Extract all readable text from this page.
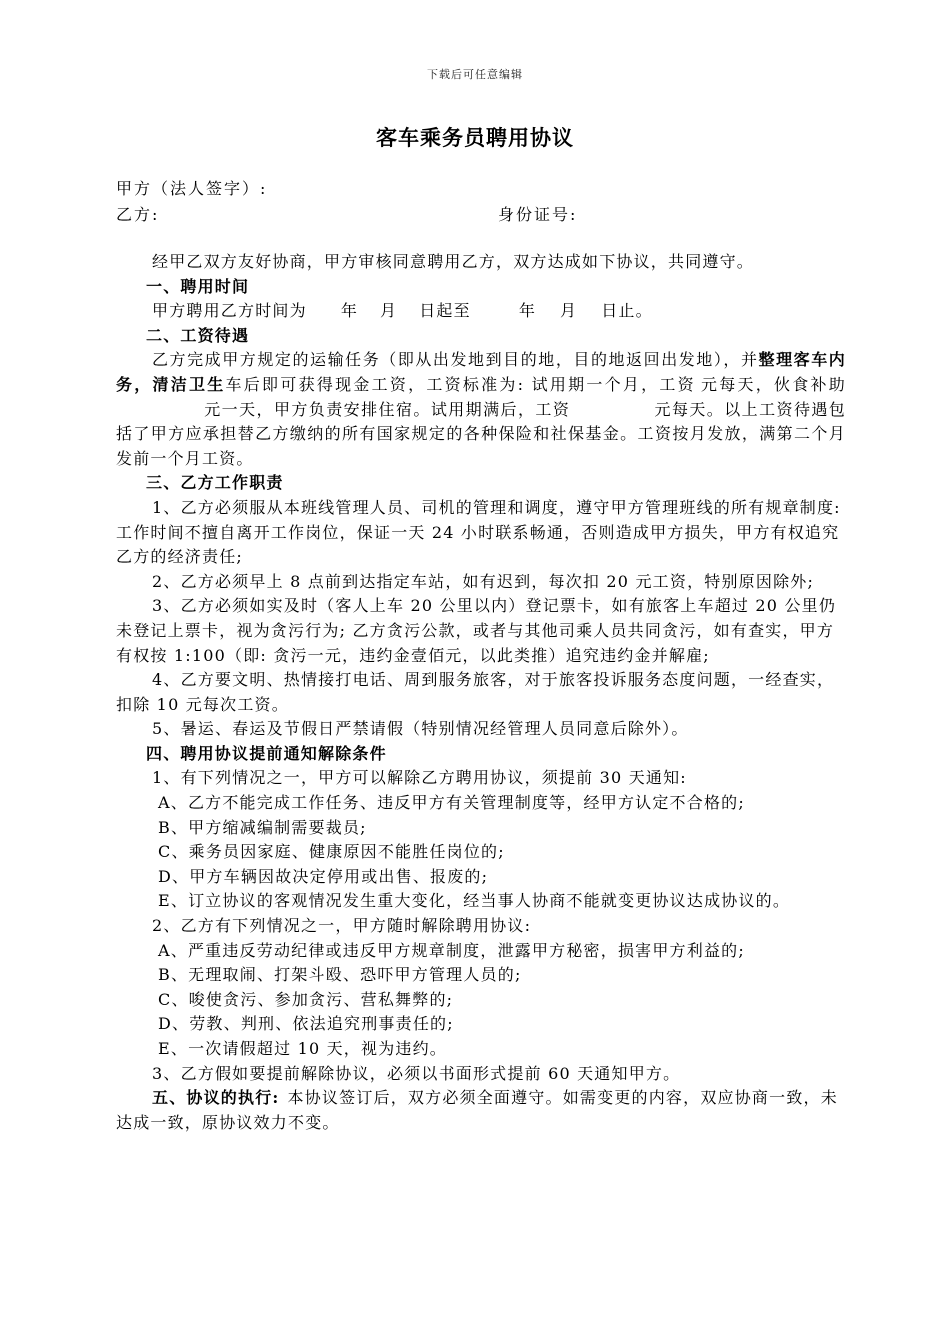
下载后可任意编辑
客车乘务员聘用协议
甲方（法人签字）:
乙方:	身份证号:

经甲乙双方友好协商，甲方审核同意聘用乙方，双方达成如下协议，共同遵守。

一、聘用时间

甲方聘用乙方时间为 年 月 日起至	年 月 日止。

二、工资待遇

乙方完成甲方规定的运输任务（即从出发地到目的地，目的地返回出发地），并整理客车内务，清洁卫生车后即可获得现金工资，工资标准为: 试用期一个月，工资 元每天，伙食补助元一天，甲方负责安排住宿。试用期满后，工资	元每天。以上工资待遇包括了甲方应承担替乙方缴纳的所有国家规定的各种保险和社保基金。工资按月发放，满第二个月发前一个月工资。

三、乙方工作职责

1、乙方必须服从本班线管理人员、司机的管理和调度，遵守甲方管理班线的所有规章制度: 工作时间不擅自离开工作岗位，保证一天 24 小时联系畅通，否则造成甲方损失，甲方有权追究乙方的经济责任;

2、乙方必须早上 8 点前到达指定车站，如有迟到，每次扣 20 元工资，特别原因除外;

3、乙方必须如实及时（客人上车 20 公里以内）登记票卡，如有旅客上车超过 20 公里仍未登记上票卡，视为贪污行为; 乙方贪污公款，或者与其他司乘人员共同贪污，如有查实，甲方有权按 1:100（即: 贪污一元，违约金壹佰元，以此类推）追究违约金并解雇;

4、乙方要文明、热情接打电话、周到服务旅客，对于旅客投诉服务态度问题，一经查实，扣除 10 元每次工资。

5、暑运、春运及节假日严禁请假（特别情况经管理人员同意后除外）。

四、聘用协议提前通知解除条件

1、有下列情况之一，甲方可以解除乙方聘用协议，须提前 30 天通知:

A、乙方不能完成工作任务、违反甲方有关管理制度等，经甲方认定不合格的;

B、甲方缩减编制需要裁员;

C、乘务员因家庭、健康原因不能胜任岗位的;

D、甲方车辆因故决定停用或出售、报废的;

E、订立协议的客观情况发生重大变化，经当事人协商不能就变更协议达成协议的。

2、乙方有下列情况之一，甲方随时解除聘用协议:

A、严重违反劳动纪律或违反甲方规章制度，泄露甲方秘密，损害甲方利益的;

B、无理取闹、打架斗殴、恐吓甲方管理人员的;

C、唆使贪污、参加贪污、营私舞弊的;

D、劳教、判刑、依法追究刑事责任的;

E、一次请假超过 10 天，视为违约。

3、乙方假如要提前解除协议，必须以书面形式提前 60 天通知甲方。

五、协议的执行: 本协议签订后，双方必须全面遵守。如需变更的内容，双应协商一致，未达成一致，原协议效力不变。
